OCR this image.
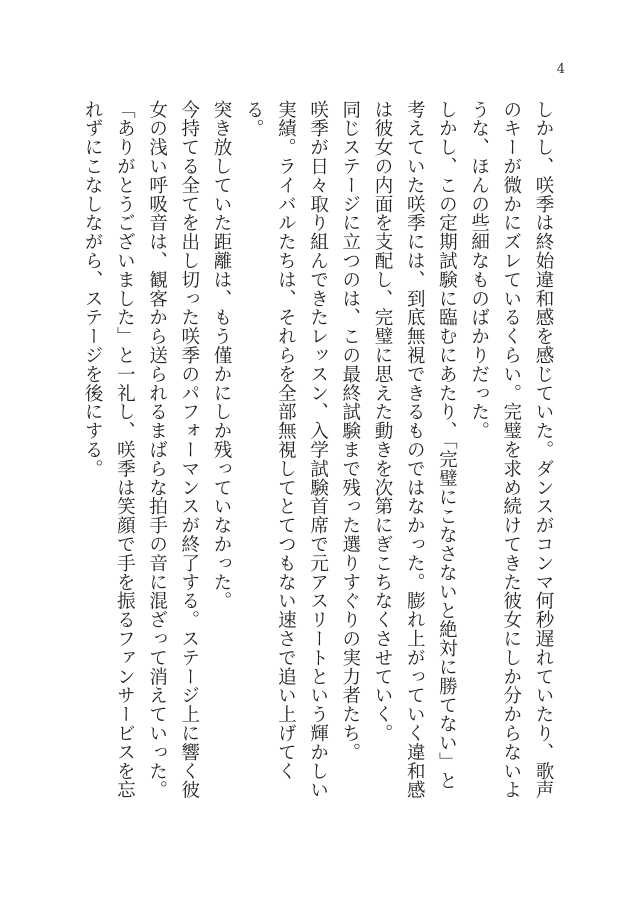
4

しかし、咲季は終始違和感を感じていた。ダンスがコンマ何秒遅れていたり、歌声のキーが微かにズレているくらい。完璧を求め続けてきた彼女にしか分からないような、ほんの些細なものばかりだった。

しかし、この定期試験に臨むにあたり、「完璧にこなさないと絶対に勝てない」と考えていた咲季には、到底無視できるものではなかった。膨れ上がっていく違和感は彼女の内面を支配し、完璧に思えた動きを次第にぎこちなくさせていく。

同じステージに立つのは、この最終試験まで残った選りすぐりの実力者たち。

咲季が日々取り組んできたレッスン、入学試験首席で元アスリートという輝かしい実績。ライバルたちは、それらを全部無視してとてつもない速さで追い上げてくる。

突き放していた距離は、もう僅かにしか残っていなかった。

今持てる全てを出し切った咲季のパフォーマンスが終了する。ステージ上に響く彼女の浅い呼吸音は、観客から送られるまばらな拍手の音に混ざって消えていった。

「ありがとうございました」と一礼し、咲季は笑顔で手を振るファンサービスを忘れずにこなしながら、ステージを後にする。
